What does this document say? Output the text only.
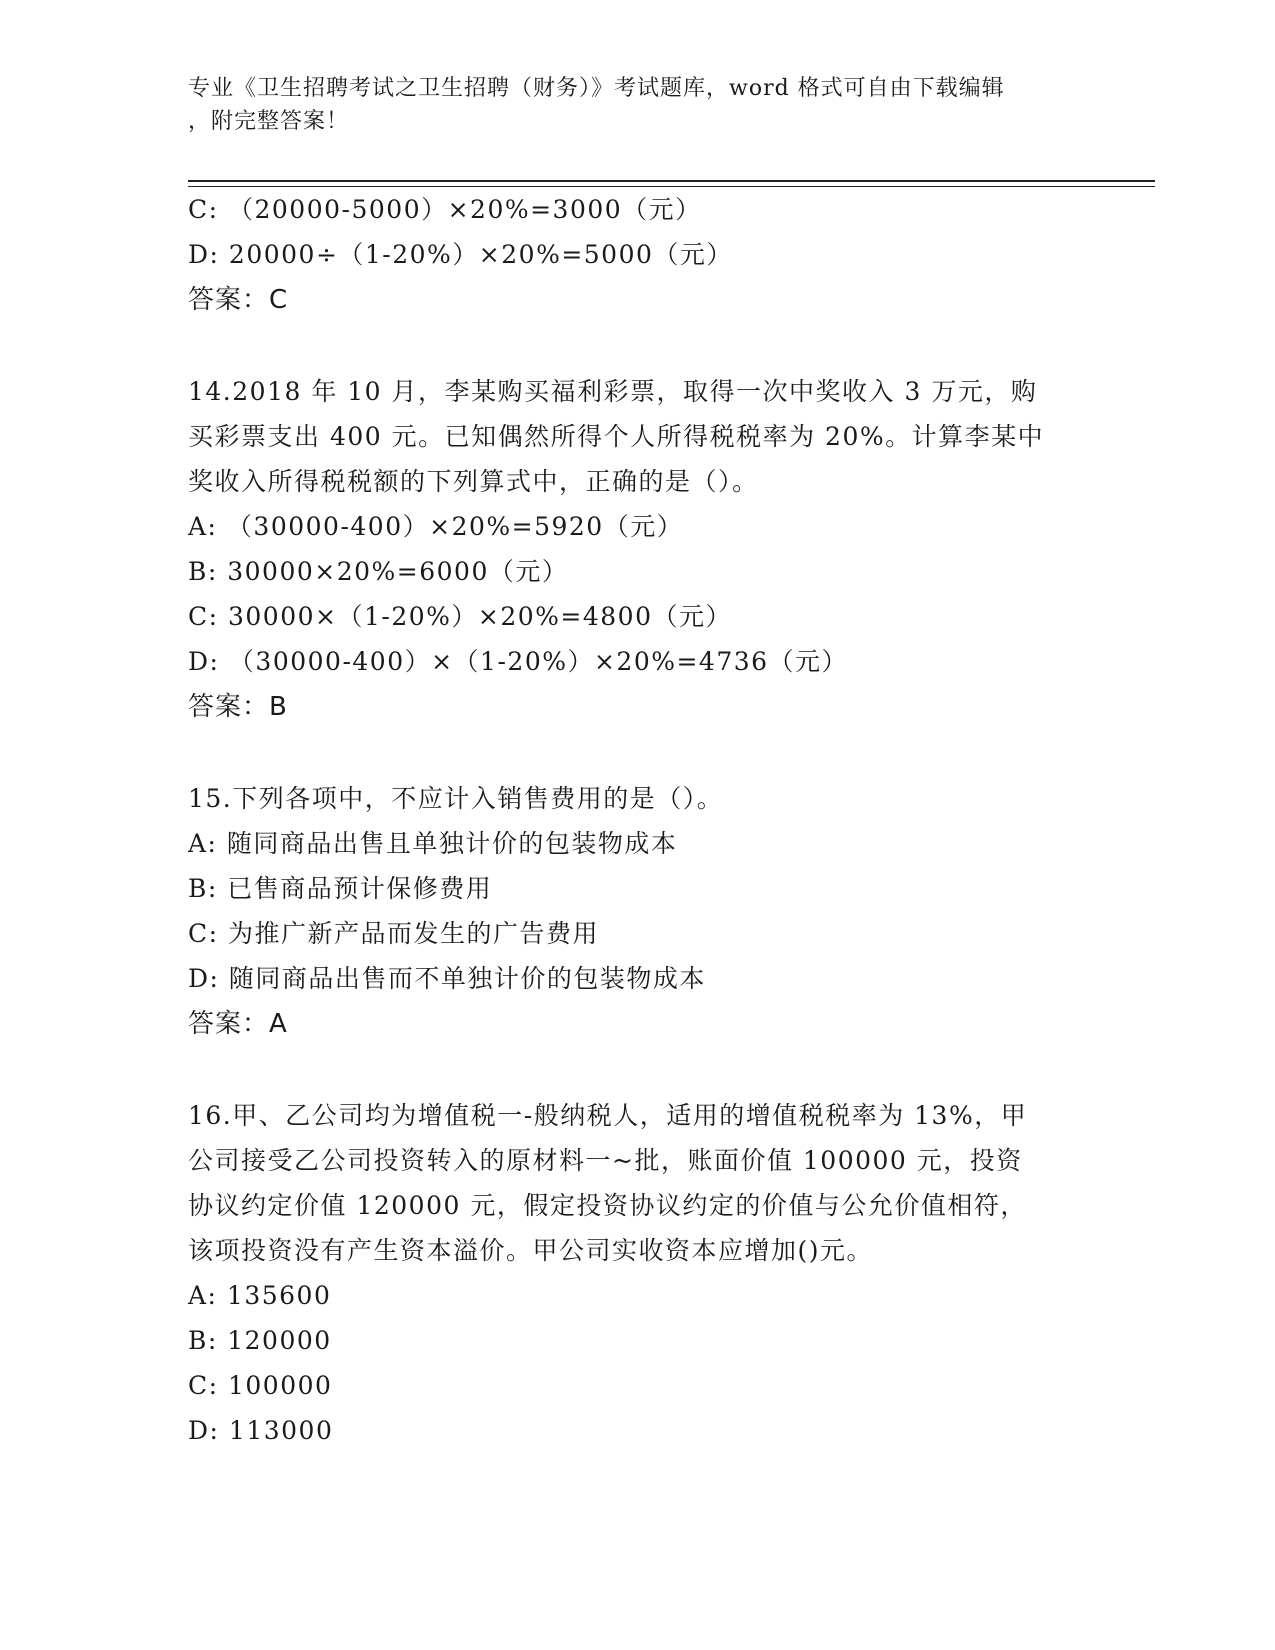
专业《卫生招聘考试之卫生招聘（财务）》考试题库，word 格式可自由下载编辑
，附完整答案！
C: （20000-5000）×20%=3000（元）
D: 20000÷（1-20%）×20%=5000（元）
答案：C
14.2018 年 10 月，李某购买福利彩票，取得一次中奖收入 3 万元，购
买彩票支出 400 元。已知偶然所得个人所得税税率为 20%。计算李某中
奖收入所得税税额的下列算式中，正确的是（）。
A: （30000-400）×20%=5920（元）
B: 30000×20%=6000（元）
C: 30000×（1-20%）×20%=4800（元）
D: （30000-400）×（1-20%）×20%=4736（元）
答案：B
15.下列各项中，不应计入销售费用的是（）。
A: 随同商品出售且单独计价的包装物成本
B: 已售商品预计保修费用
C: 为推广新产品而发生的广告费用
D: 随同商品出售而不单独计价的包装物成本
答案：A
16.甲、乙公司均为增值税一-般纳税人，适用的增值税税率为 13%，甲
公司接受乙公司投资转入的原材料一~批，账面价值 100000 元，投资
协议约定价值 120000 元，假定投资协议约定的价值与公允价值相符，
该项投资没有产生资本溢价。甲公司实收资本应增加()元。
A: 135600
B: 120000
C: 100000
D: 113000
